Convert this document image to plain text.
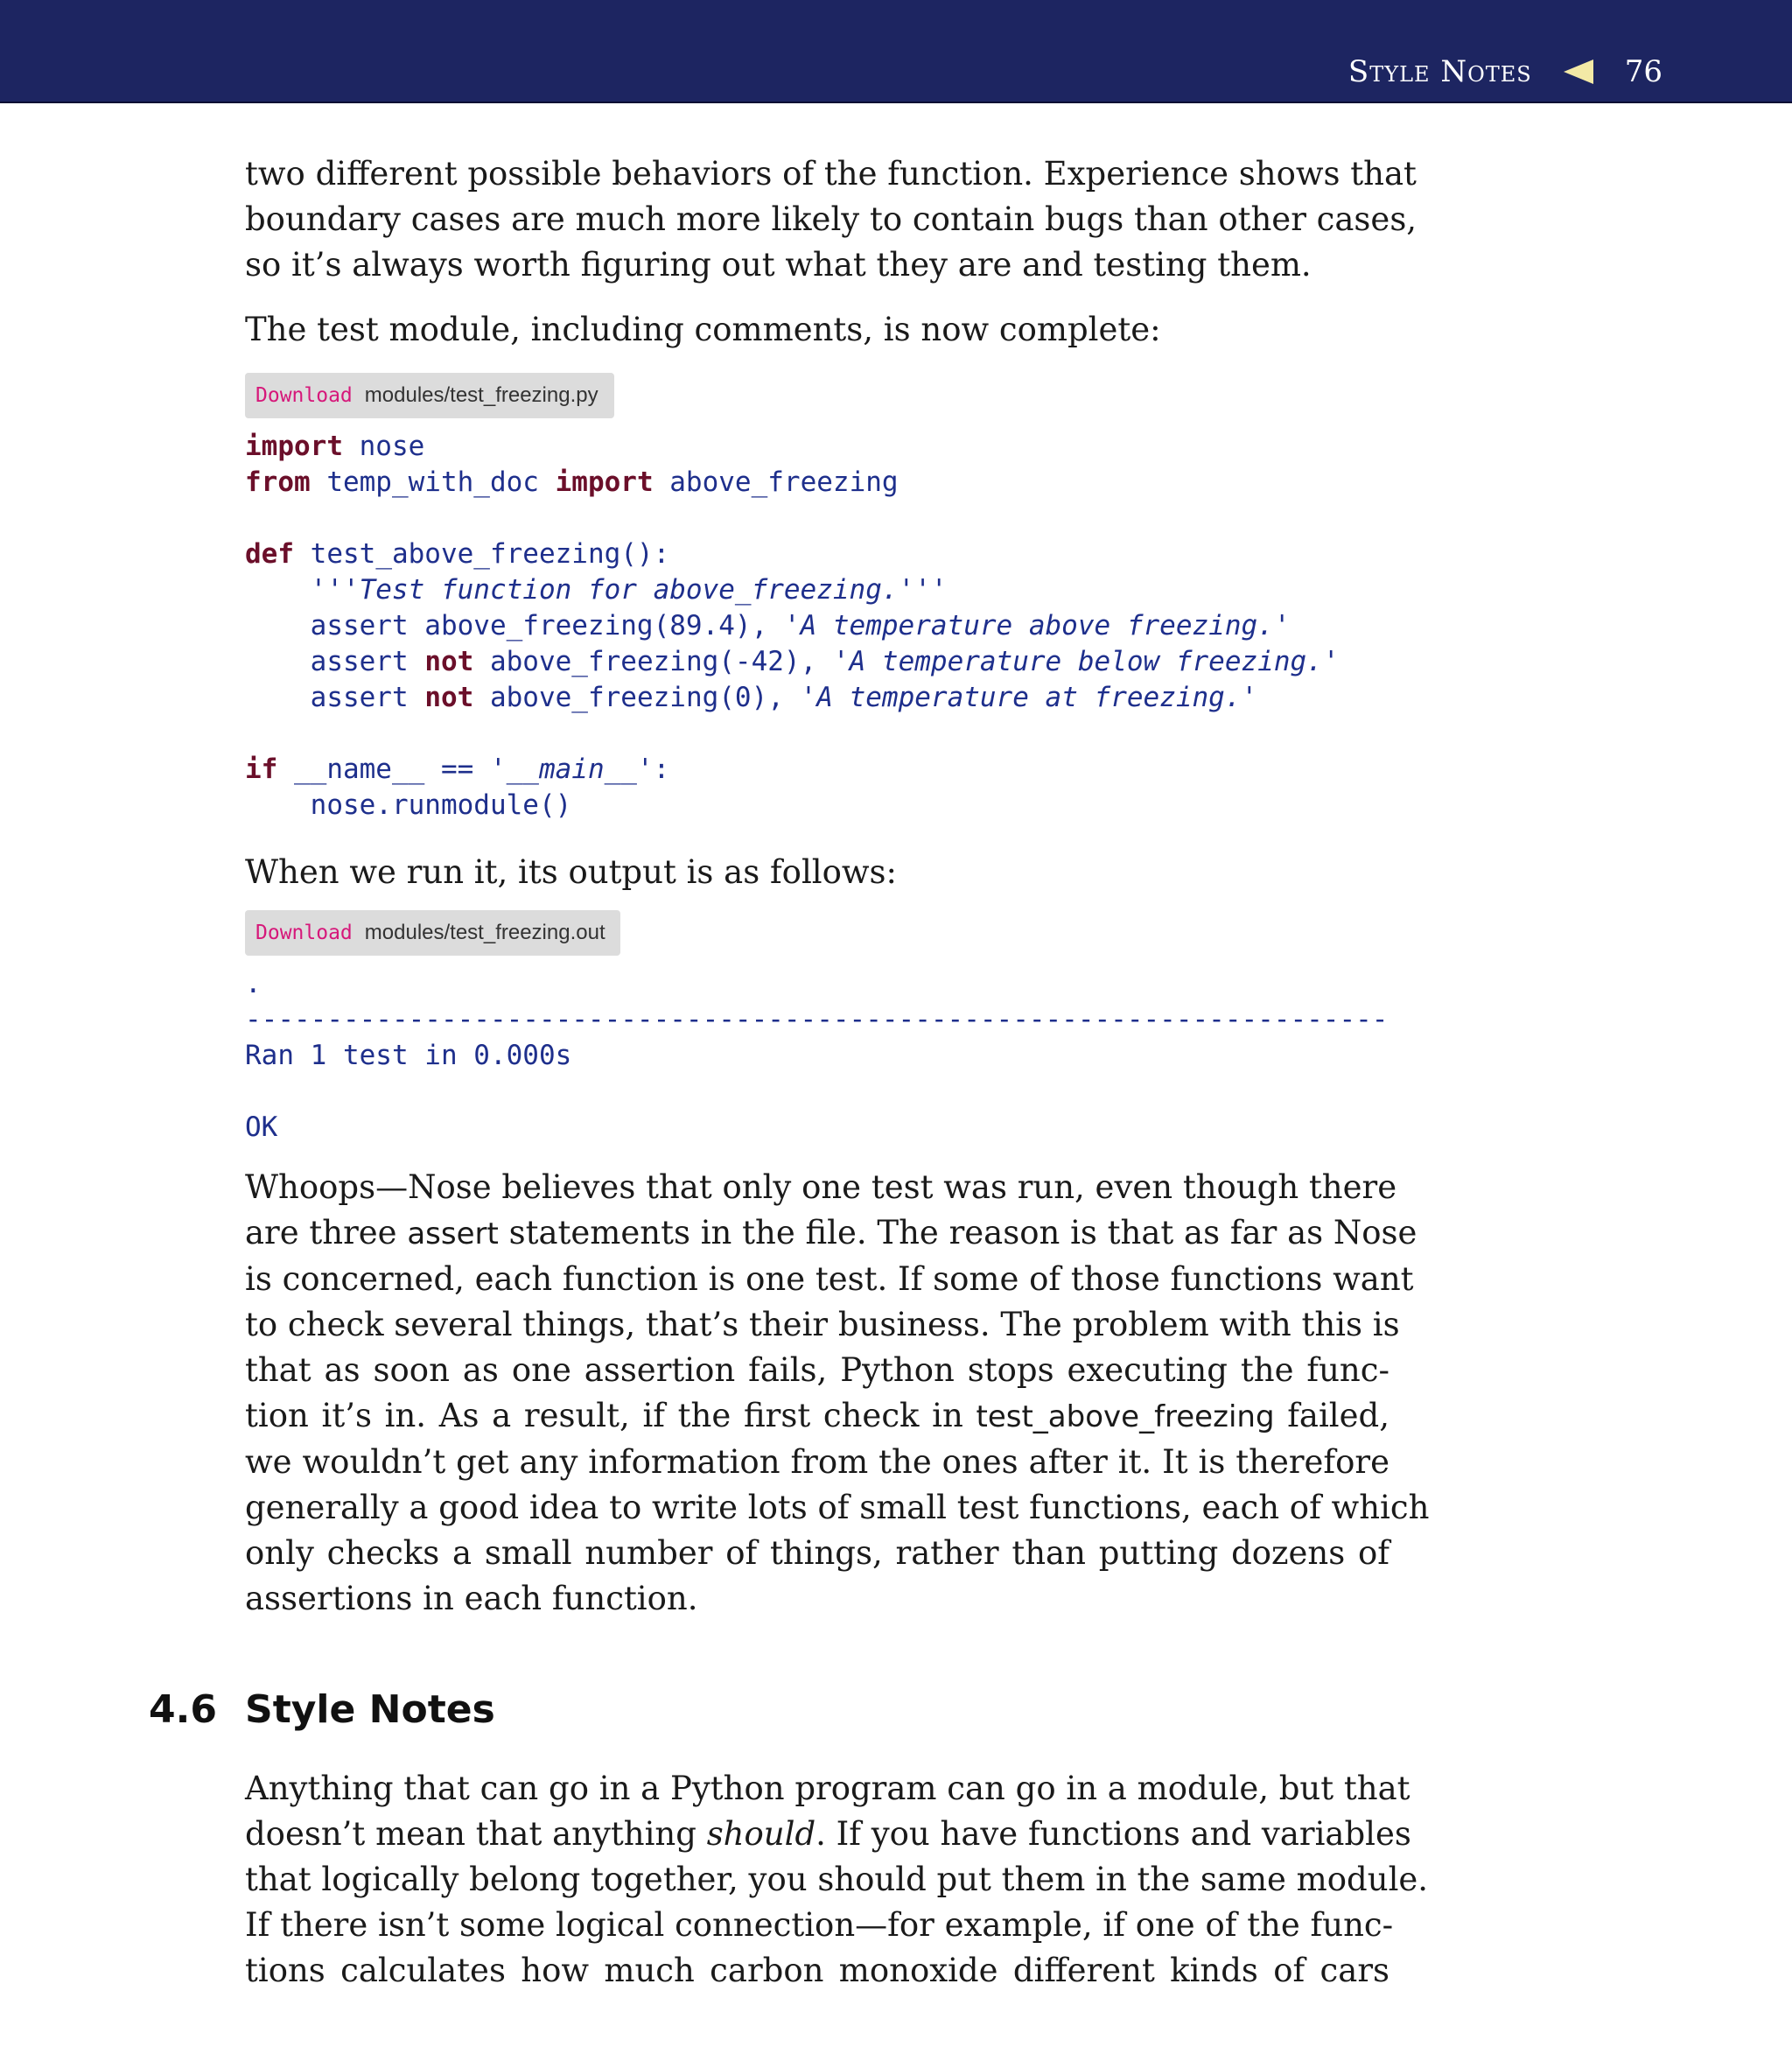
Style Notes	76
two different possible behaviors of the function. Experience shows that
boundary cases are much more likely to contain bugs than other cases,
so it’s always worth figuring out what they are and testing them.
The test module, including comments, is now complete:
Download modules/test_freezing.py
import nose
from temp_with_doc import above_freezing

def test_above_freezing():
'''Test function for above_freezing.'''
assert above_freezing(89.4), 'A temperature above freezing.'
assert not above_freezing(-42), 'A temperature below freezing.'
assert not above_freezing(0), 'A temperature at freezing.'

if __name__ == '__main__':
nose.runmodule()
When we run it, its output is as follows:
Download modules/test_freezing.out
.
----------------------------------------------------------------------
Ran 1 test in 0.000s

OK
Whoops—Nose believes that only one test was run, even though there
are three assert statements in the file. The reason is that as far as Nose
is concerned, each function is one test. If some of those functions want
to check several things, that’s their business. The problem with this is
that as soon as one assertion fails, Python stops executing the func-
tion it’s in. As a result, if the first check in test_above_freezing failed,
we wouldn’t get any information from the ones after it. It is therefore
generally a good idea to write lots of small test functions, each of which
only checks a small number of things, rather than putting dozens of
assertions in each function.
4.6 Style Notes
Anything that can go in a Python program can go in a module, but that
doesn’t mean that anything should. If you have functions and variables
that logically belong together, you should put them in the same module.
If there isn’t some logical connection—for example, if one of the func-
tions calculates how much carbon monoxide different kinds of cars
